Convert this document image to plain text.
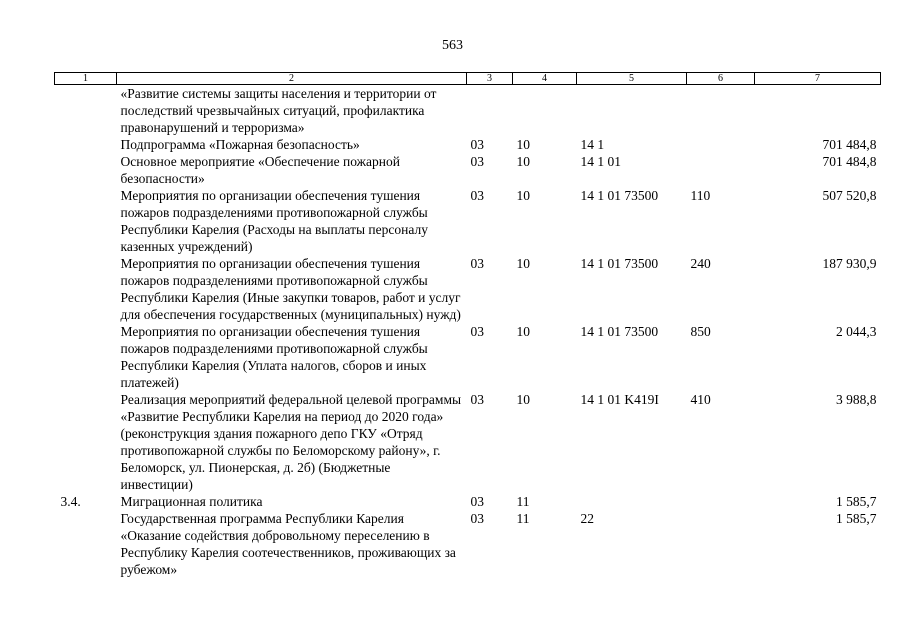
563
1	2	3	4	5	6	7
	«Развитие системы защиты населения и территории от последствий чрезвычайных ситуаций, профилактика правонарушений и терроризма»					
	Подпрограмма «Пожарная безопасность»	03	10	14 1		701 484,8
	Основное мероприятие «Обеспечение пожарной безопасности»	03	10	14 1 01		701 484,8
	Мероприятия по организации обеспечения тушения пожаров подразделениями противопожарной службы Республики Карелия (Расходы на выплаты персоналу казенных учреждений)	03	10	14 1 01 73500	110	507 520,8
	Мероприятия по организации обеспечения тушения пожаров подразделениями противопожарной службы Республики Карелия (Иные закупки товаров, работ и услуг для обеспечения государственных (муниципальных) нужд)	03	10	14 1 01 73500	240	187 930,9
	Мероприятия по организации обеспечения тушения пожаров подразделениями противопожарной службы Республики Карелия (Уплата налогов, сборов и иных платежей)	03	10	14 1 01 73500	850	2 044,3
	Реализация мероприятий федеральной целевой программы «Развитие Республики Карелия на период до 2020 года» (реконструкция здания пожарного депо ГКУ «Отряд противопожарной службы по Беломорскому району», г. Беломорск, ул. Пионерская, д. 2б) (Бюджетные инвестиции)	03	10	14 1 01 K419I	410	3 988,8
3.4.	Миграционная политика	03	11			1 585,7
	Государственная программа Республики Карелия «Оказание содействия добровольному переселению в Республику Карелия соотечественников, проживающих за рубежом»	03	11	22		1 585,7
